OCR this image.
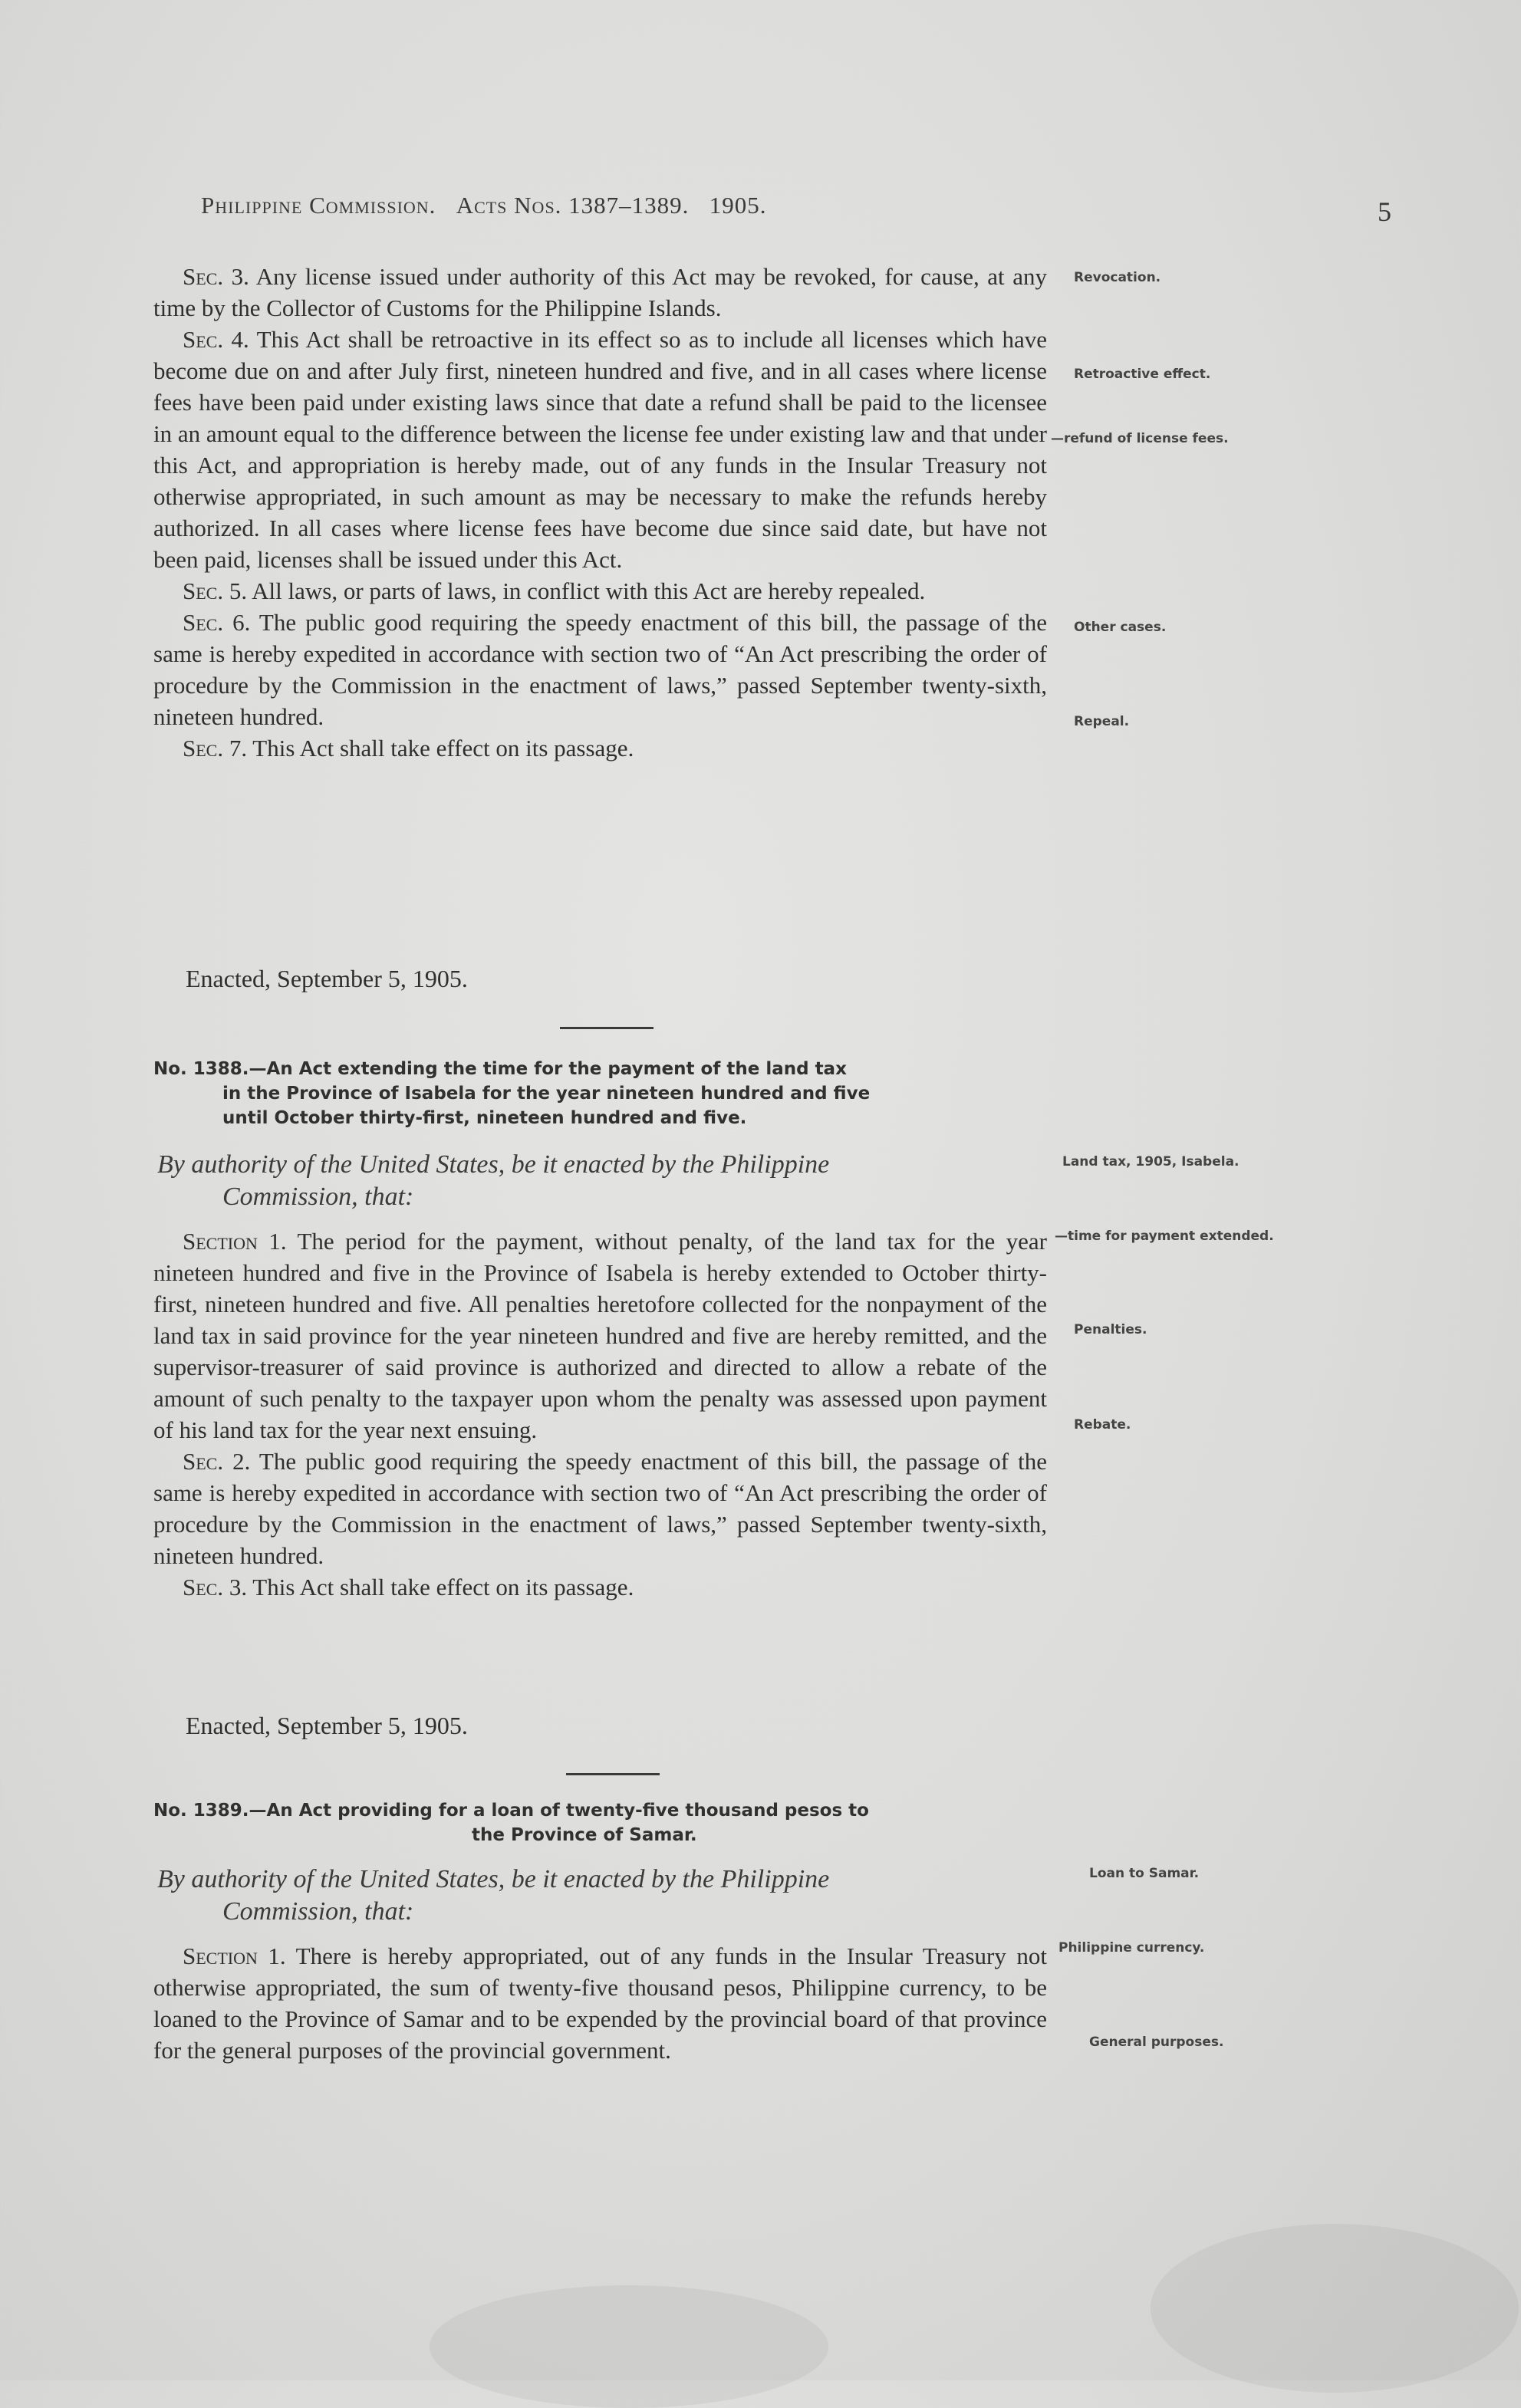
Philippine Commission. Acts Nos. 1387–1389. 1905.	5

Sec. 3. Any license issued under authority of this Act may be revoked, for cause, at any time by the Collector of Customs for the Philippine Islands.

Sec. 4. This Act shall be retroactive in its effect so as to include all licenses which have become due on and after July first, nineteen hundred and five, and in all cases where license fees have been paid under existing laws since that date a refund shall be paid to the licensee in an amount equal to the difference between the license fee under existing law and that under this Act, and appropriation is hereby made, out of any funds in the Insular Treasury not otherwise appropriated, in such amount as may be necessary to make the refunds hereby authorized. In all cases where license fees have become due since said date, but have not been paid, licenses shall be issued under this Act.

Sec. 5. All laws, or parts of laws, in conflict with this Act are hereby repealed.

Sec. 6. The public good requiring the speedy enactment of this bill, the passage of the same is hereby expedited in accordance with section two of “An Act prescribing the order of procedure by the Commission in the enactment of laws,” passed September twenty-sixth, nineteen hundred.

Sec. 7. This Act shall take effect on its passage.

Enacted, September 5, 1905.
No. 1388.—An Act extending the time for the payment of the land tax
in the Province of Isabela for the year nineteen hundred and five
until October thirty-first, nineteen hundred and five.
By authority of the United States, be it enacted by the Philippine
Commission, that:

Section 1. The period for the payment, without penalty, of the land tax for the year nineteen hundred and five in the Province of Isabela is hereby extended to October thirty-first, nineteen hundred and five. All penalties heretofore collected for the nonpayment of the land tax in said province for the year nineteen hundred and five are hereby remitted, and the supervisor-treasurer of said province is authorized and directed to allow a rebate of the amount of such penalty to the taxpayer upon whom the penalty was assessed upon payment of his land tax for the year next ensuing.

Sec. 2. The public good requiring the speedy enactment of this bill, the passage of the same is hereby expedited in accordance with section two of “An Act prescribing the order of procedure by the Commission in the enactment of laws,” passed September twenty-sixth, nineteen hundred.

Sec. 3. This Act shall take effect on its passage.

Enacted, September 5, 1905.
No. 1389.—An Act providing for a loan of twenty-five thousand pesos to
the Province of Samar.
By authority of the United States, be it enacted by the Philippine
Commission, that:

Section 1. There is hereby appropriated, out of any funds in the Insular Treasury not otherwise appropriated, the sum of twenty-five thousand pesos, Philippine currency, to be loaned to the Province of Samar and to be expended by the provincial board of that province for the general purposes of the provincial government.

Revocation.
Retroactive effect.
—refund of license fees.
Other cases.
Repeal.
Land tax, 1905, Isabela.
—time for payment extended.
Penalties.
Rebate.
Loan to Samar.
Philippine currency.
General purposes.
